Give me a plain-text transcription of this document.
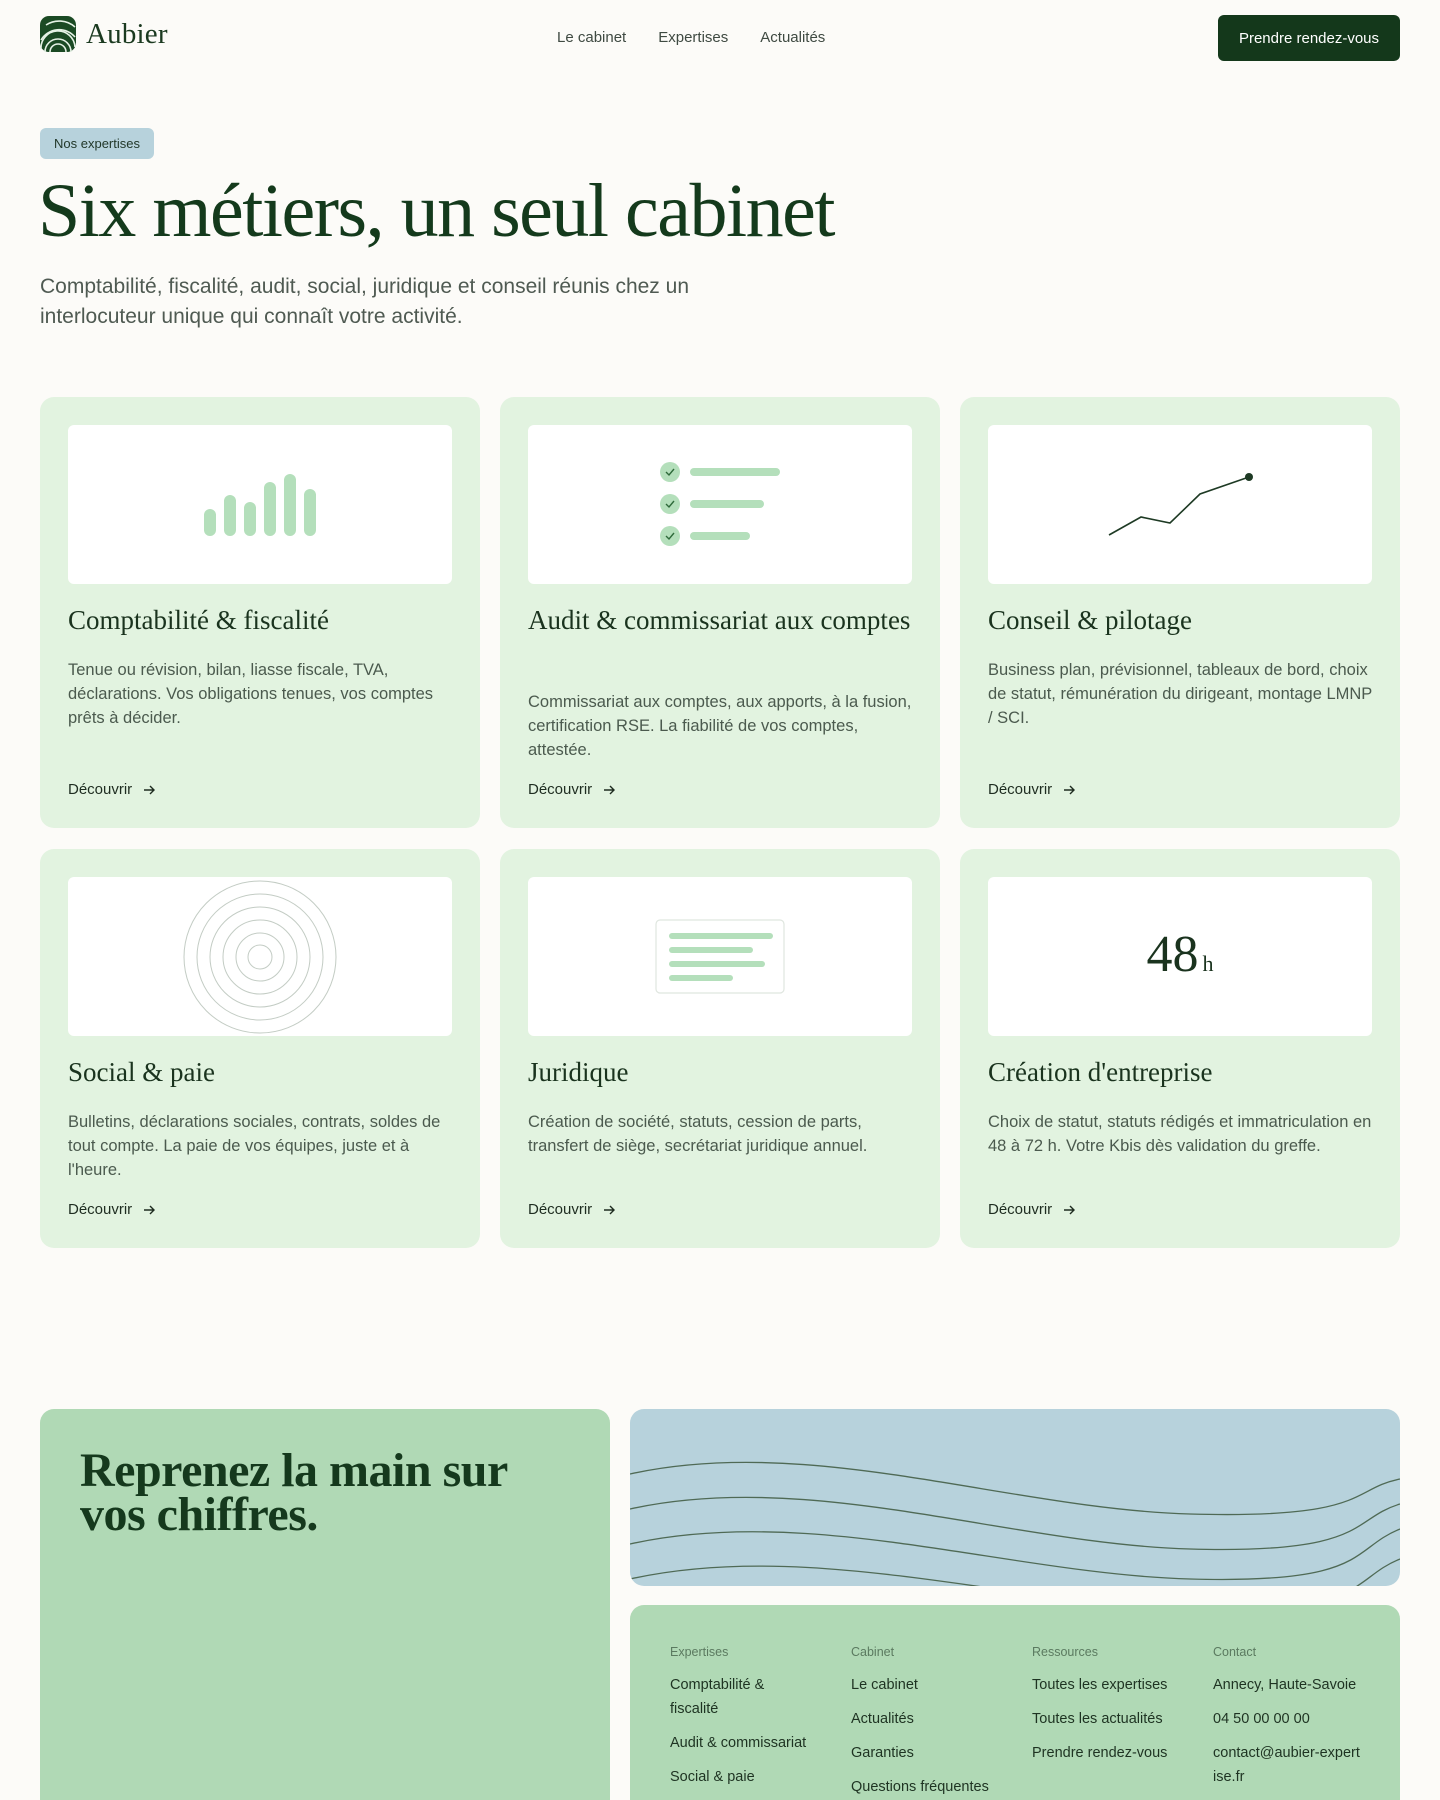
Aubier	Le cabinet Expertises Actualités	Prendre rendez-vous
Nos expertises
Six métiers, un seul cabinet

Comptabilité, fiscalité, audit, social, juridique et conseil réunis chez un interlocuteur unique qui connaît votre activité.

Comptabilité & fiscalité
Tenue ou révision, bilan, liasse fiscale, TVA, déclarations. Vos obligations tenues, vos comptes prêts à décider.
Découvrir
Audit & commissariat aux comptes
Commissariat aux comptes, aux apports, à la fusion, certification RSE. La fiabilité de vos comptes, attestée.
Découvrir
Conseil & pilotage
Business plan, prévisionnel, tableaux de bord, choix de statut, rémunération du dirigeant, montage LMNP / SCI.
Découvrir
Social & paie
Bulletins, déclarations sociales, contrats, soldes de tout compte. La paie de vos équipes, juste et à l'heure.
Découvrir
Juridique
Création de société, statuts, cession de parts, transfert de siège, secrétariat juridique annuel.
Découvrir
48 h
Création d'entreprise
Choix de statut, statuts rédigés et immatriculation en 48 à 72 h. Votre Kbis dès validation du greffe.
Découvrir
Reprenez la main sur vos chiffres.
Expertises
Comptabilité & fiscalité
Audit & commissariat
Social & paie
Cabinet
Le cabinet
Actualités
Garanties
Questions fréquentes
Ressources
Toutes les expertises
Toutes les actualités
Prendre rendez-vous
Contact
Annecy, Haute-Savoie
04 50 00 00 00
contact@aubier-expertise.fr
